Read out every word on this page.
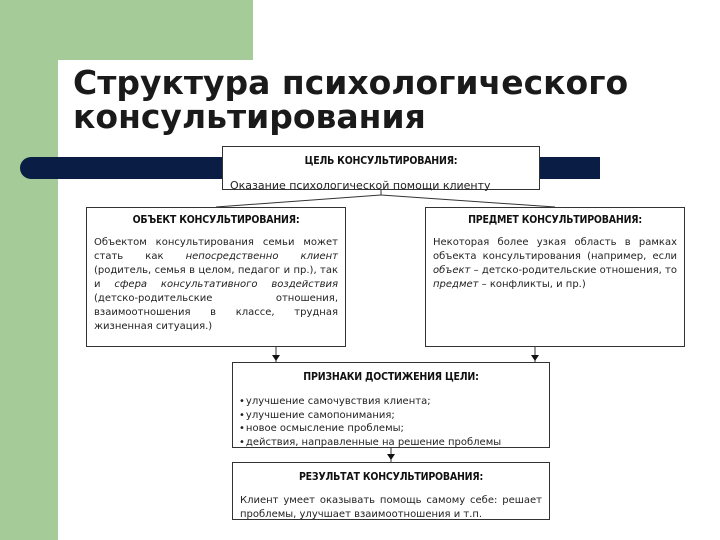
Структура психологического
консультирования
ЦЕЛЬ КОНСУЛЬТИРОВАНИЯ:
Оказание психологической помощи клиенту
ОБЪЕКТ КОНСУЛЬТИРОВАНИЯ:
Объектом консультирования семьи может стать как непосредственно клиент (родитель, семья в целом, педагог и пр.), так и сфера консультативного воздействия (детско-родительские отношения, взаимоотношения в классе, трудная жизненная ситуация.)
ПРЕДМЕТ КОНСУЛЬТИРОВАНИЯ:
Некоторая более узкая область в рамках объекта консультирования (например, если объект – детско-родительские отношения, то предмет – конфликты, и пр.)
ПРИЗНАКИ ДОСТИЖЕНИЯ ЦЕЛИ:
• улучшение самочувствия клиента;
• улучшение самопонимания;
• новое осмысление проблемы;
• действия, направленные на решение проблемы
РЕЗУЛЬТАТ КОНСУЛЬТИРОВАНИЯ:
Клиент умеет оказывать помощь самому себе: решает проблемы, улучшает взаимоотношения и т.п.
